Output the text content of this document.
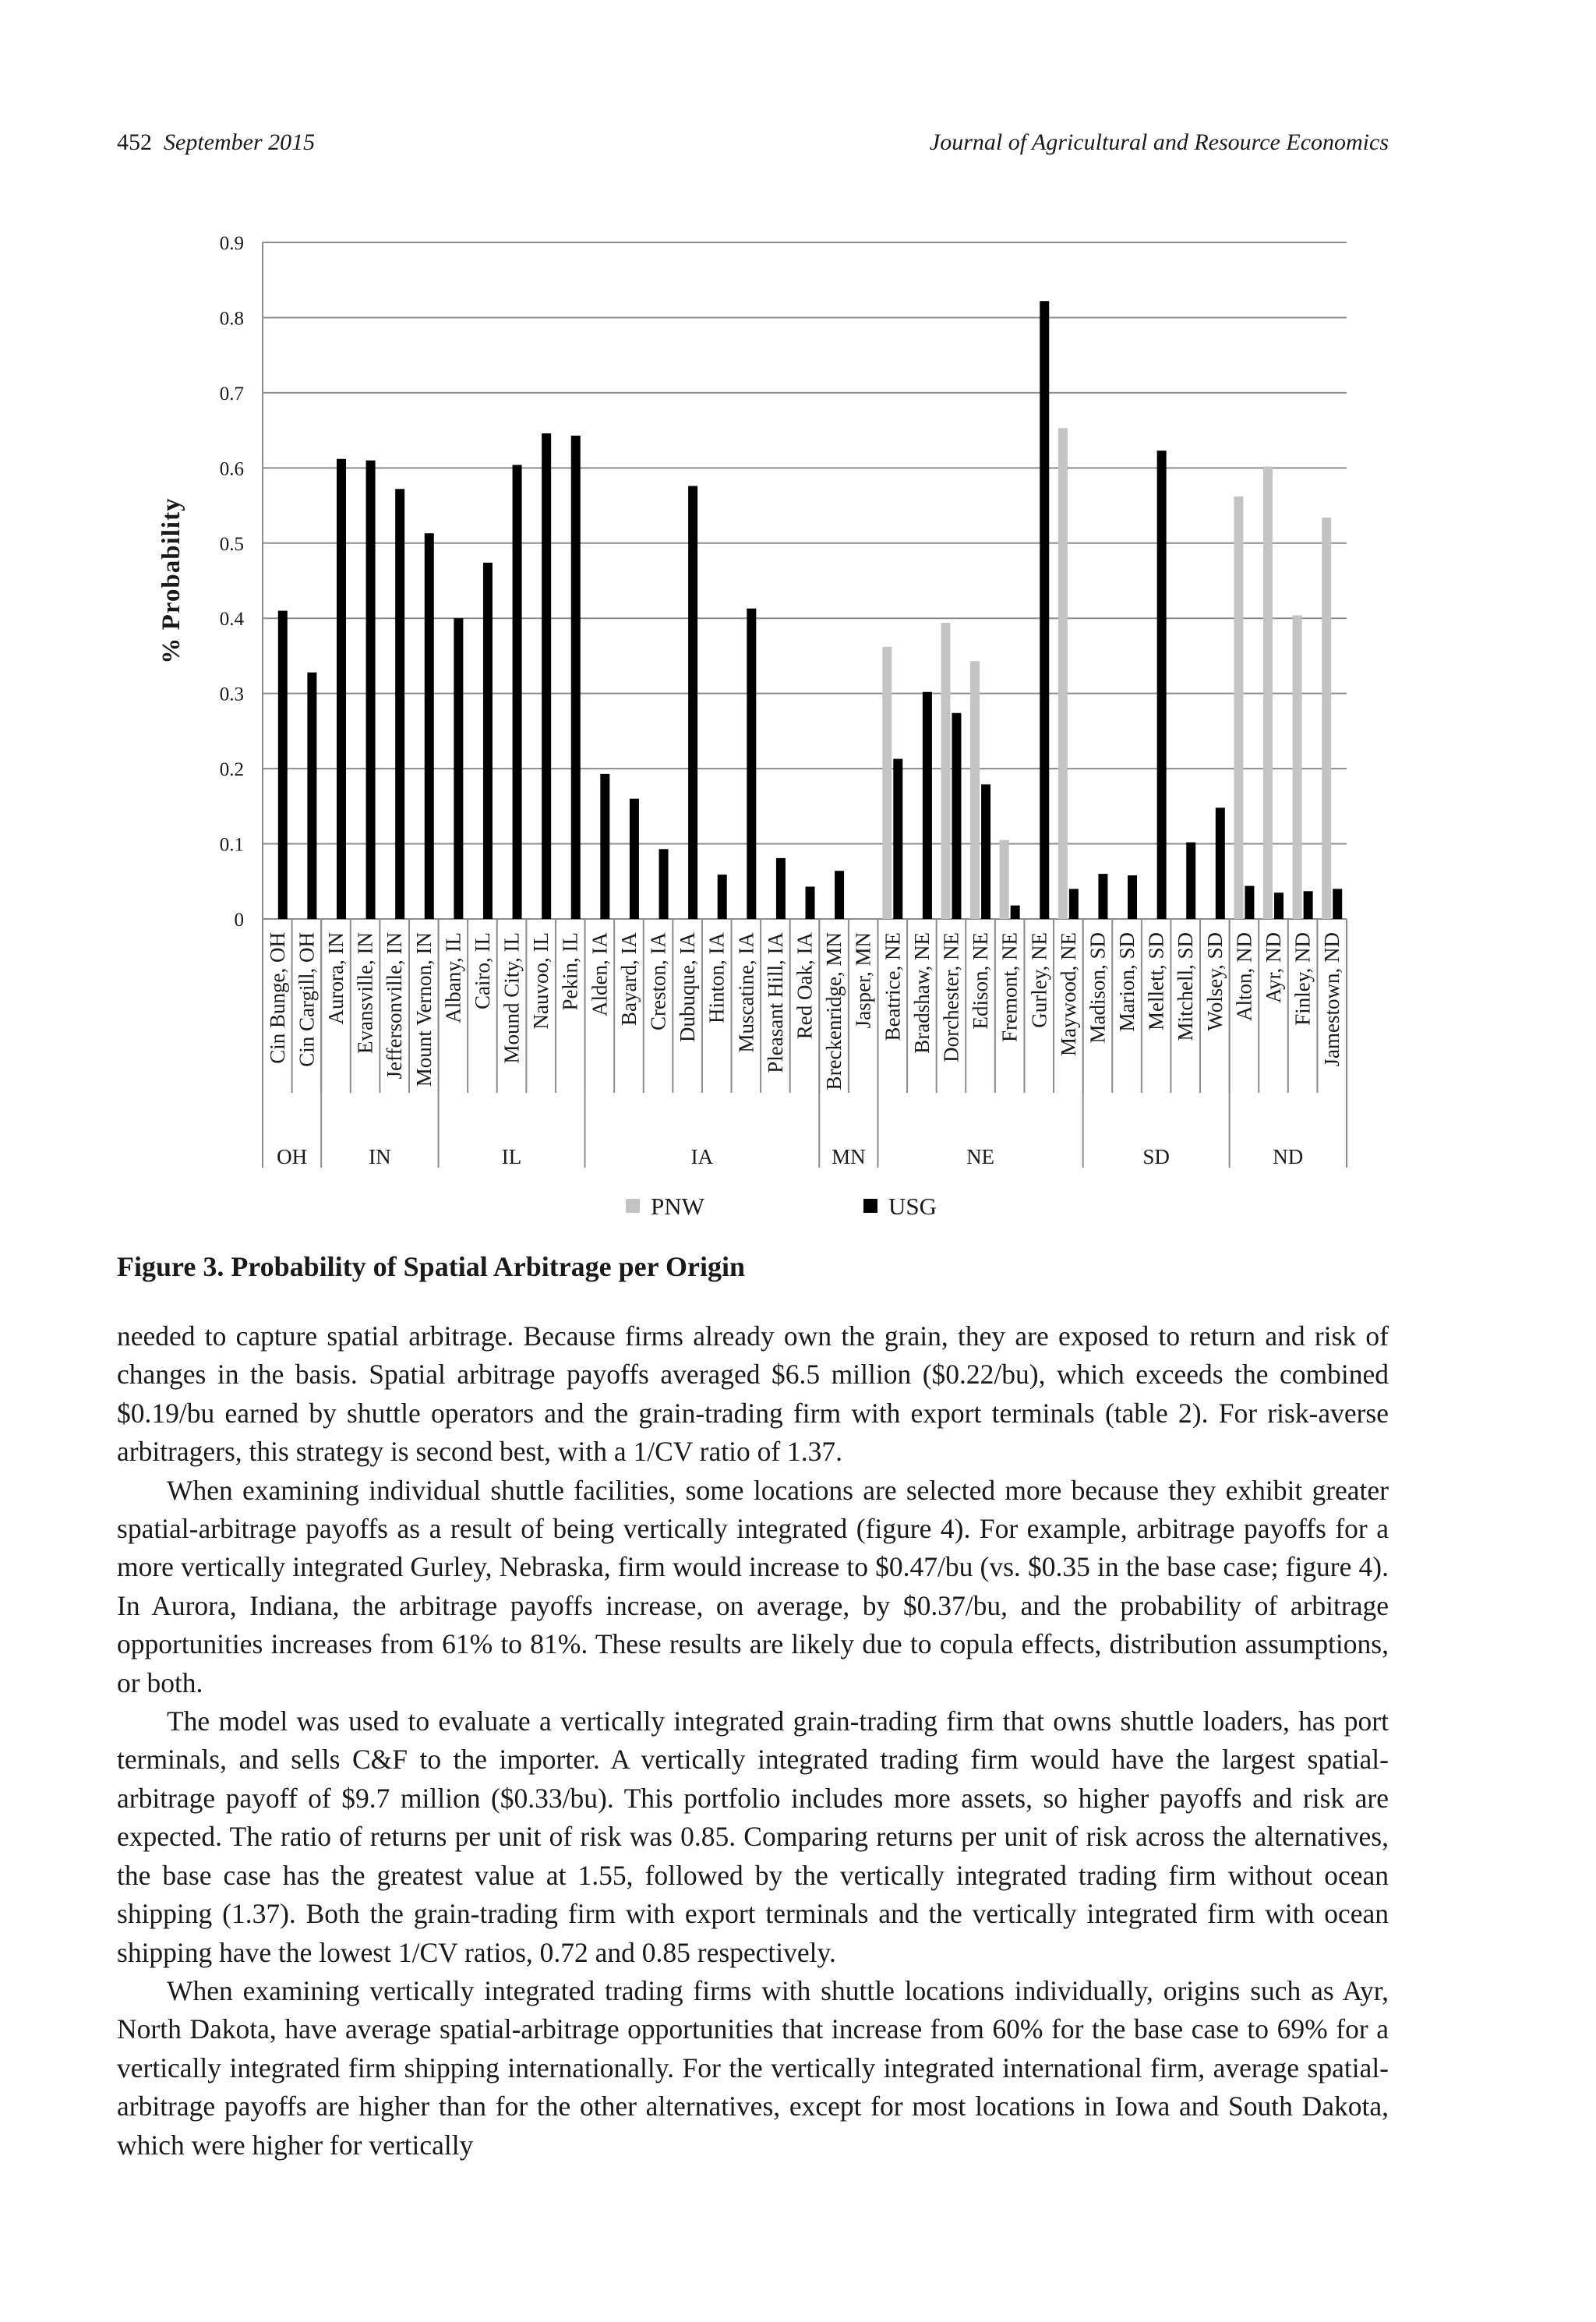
452 September 2015	Journal of Agricultural and Resource Economics
0
0.1
0.2
0.3
0.4
0.5
0.6
0.7
0.8
0.9
% Probability
OH	IN	IL	IA	MN	NE	SD	ND
Cin Bunge, OH Cin Cargill, OH Aurora, IN Evansville, IN Jeffersonville, IN Mount Vernon, IN Albany, IL Cairo, IL Mound City, IL Nauvoo, IL Pekin, IL Alden, IA Bayard, IA Creston, IA Dubuque, IA Hinton, IA Muscatine, IA Pleasant Hill, IA Red Oak, IA Breckenridge, MN Jasper, MN Beatrice, NE Bradshaw, NE Dorchester, NE Edison, NE Fremont, NE Gurley, NE Maywood, NE Madison, SD Marion, SD Mellett, SD Mitchell, SD Wolsey, SD Alton, ND Ayr, ND Finley, ND Jamestown, ND
PNW	USG
Figure 3. Probability of Spatial Arbitrage per Origin

needed to capture spatial arbitrage. Because firms already own the grain, they are exposed to return and risk of changes in the basis. Spatial arbitrage payoffs averaged $6.5 million ($0.22/bu), which exceeds the combined $0.19/bu earned by shuttle operators and the grain-trading firm with export terminals (table 2). For risk-averse arbitragers, this strategy is second best, with a 1/CV ratio of 1.37.

When examining individual shuttle facilities, some locations are selected more because they exhibit greater spatial-arbitrage payoffs as a result of being vertically integrated (figure 4). For example, arbitrage payoffs for a more vertically integrated Gurley, Nebraska, firm would increase to $0.47/bu (vs. $0.35 in the base case; figure 4). In Aurora, Indiana, the arbitrage payoffs increase, on average, by $0.37/bu, and the probability of arbitrage opportunities increases from 61% to 81%. These results are likely due to copula effects, distribution assumptions, or both.

The model was used to evaluate a vertically integrated grain-trading firm that owns shuttle loaders, has port terminals, and sells C&F to the importer. A vertically integrated trading firm would have the largest spatial-arbitrage payoff of $9.7 million ($0.33/bu). This portfolio includes more assets, so higher payoffs and risk are expected. The ratio of returns per unit of risk was 0.85. Comparing returns per unit of risk across the alternatives, the base case has the greatest value at 1.55, followed by the vertically integrated trading firm without ocean shipping (1.37). Both the grain-trading firm with export terminals and the vertically integrated firm with ocean shipping have the lowest 1/CV ratios, 0.72 and 0.85 respectively.

When examining vertically integrated trading firms with shuttle locations individually, origins such as Ayr, North Dakota, have average spatial-arbitrage opportunities that increase from 60% for the base case to 69% for a vertically integrated firm shipping internationally. For the vertically integrated international firm, average spatial-arbitrage payoffs are higher than for the other alternatives, except for most locations in Iowa and South Dakota, which were higher for vertically
